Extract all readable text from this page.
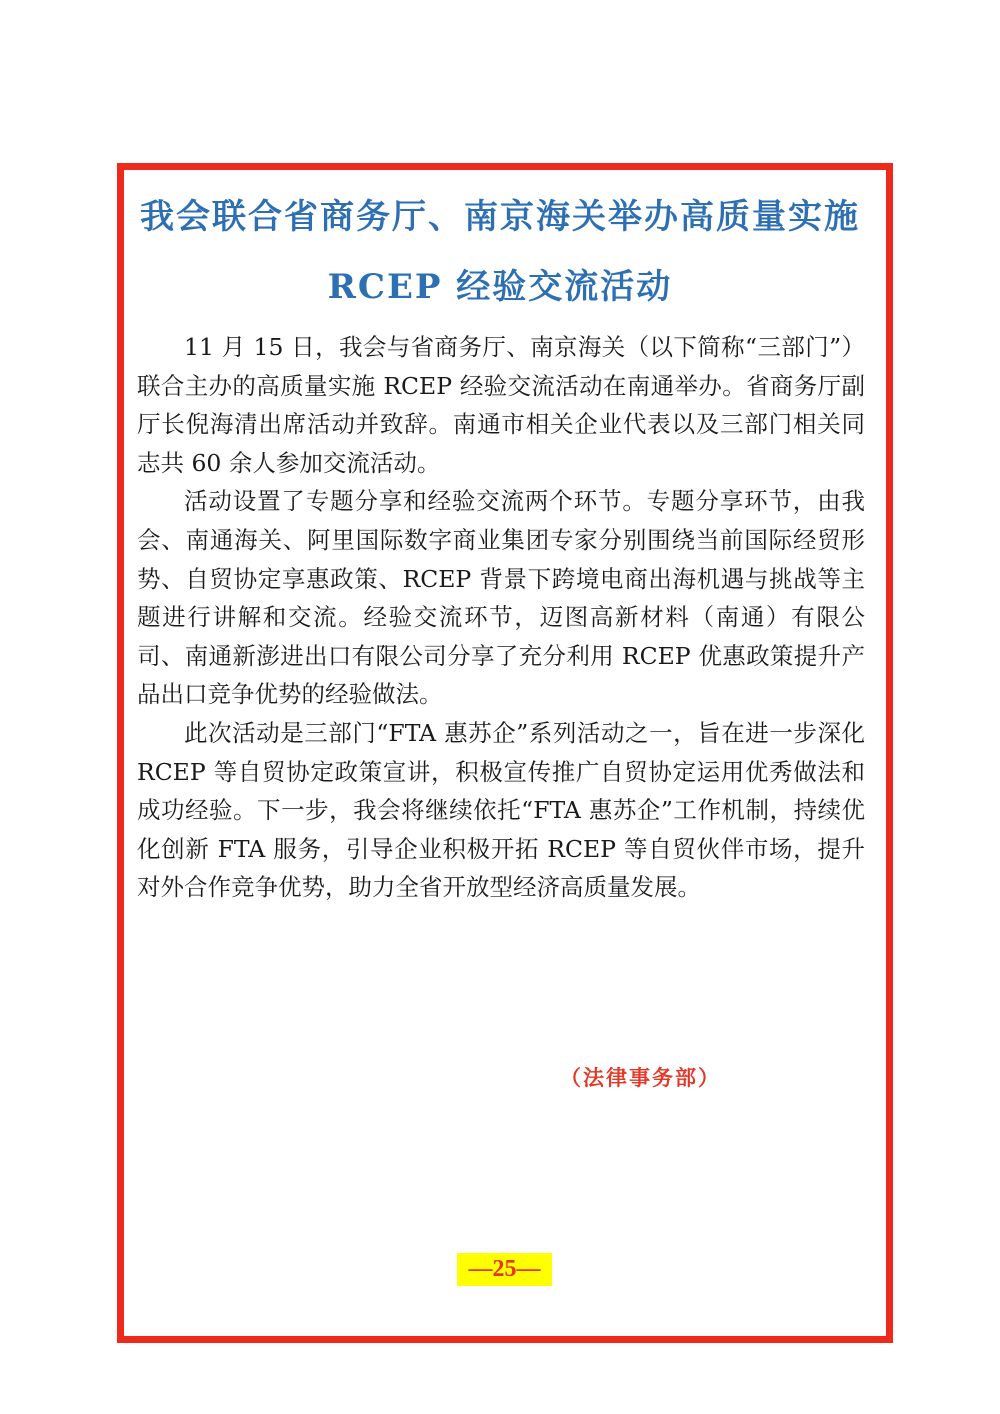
我会联合省商务厅、南京海关举办高质量实施
RCEP 经验交流活动

11 月 15 日，我会与省商务厅、南京海关（以下简称“三部门”）联合主办的高质量实施 RCEP 经验交流活动在南通举办。省商务厅副厅长倪海清出席活动并致辞。南通市相关企业代表以及三部门相关同志共 60 余人参加交流活动。

活动设置了专题分享和经验交流两个环节。专题分享环节，由我会、南通海关、阿里国际数字商业集团专家分别围绕当前国际经贸形势、自贸协定享惠政策、RCEP 背景下跨境电商出海机遇与挑战等主题进行讲解和交流。经验交流环节，迈图高新材料（南通）有限公司、南通新澎进出口有限公司分享了充分利用 RCEP 优惠政策提升产品出口竞争优势的经验做法。

此次活动是三部门“FTA 惠苏企”系列活动之一，旨在进一步深化 RCEP 等自贸协定政策宣讲，积极宣传推广自贸协定运用优秀做法和成功经验。下一步，我会将继续依托“FTA 惠苏企”工作机制，持续优化创新 FTA 服务，引导企业积极开拓 RCEP 等自贸伙伴市场，提升对外合作竞争优势，助力全省开放型经济高质量发展。

（法律事务部）
—25—
